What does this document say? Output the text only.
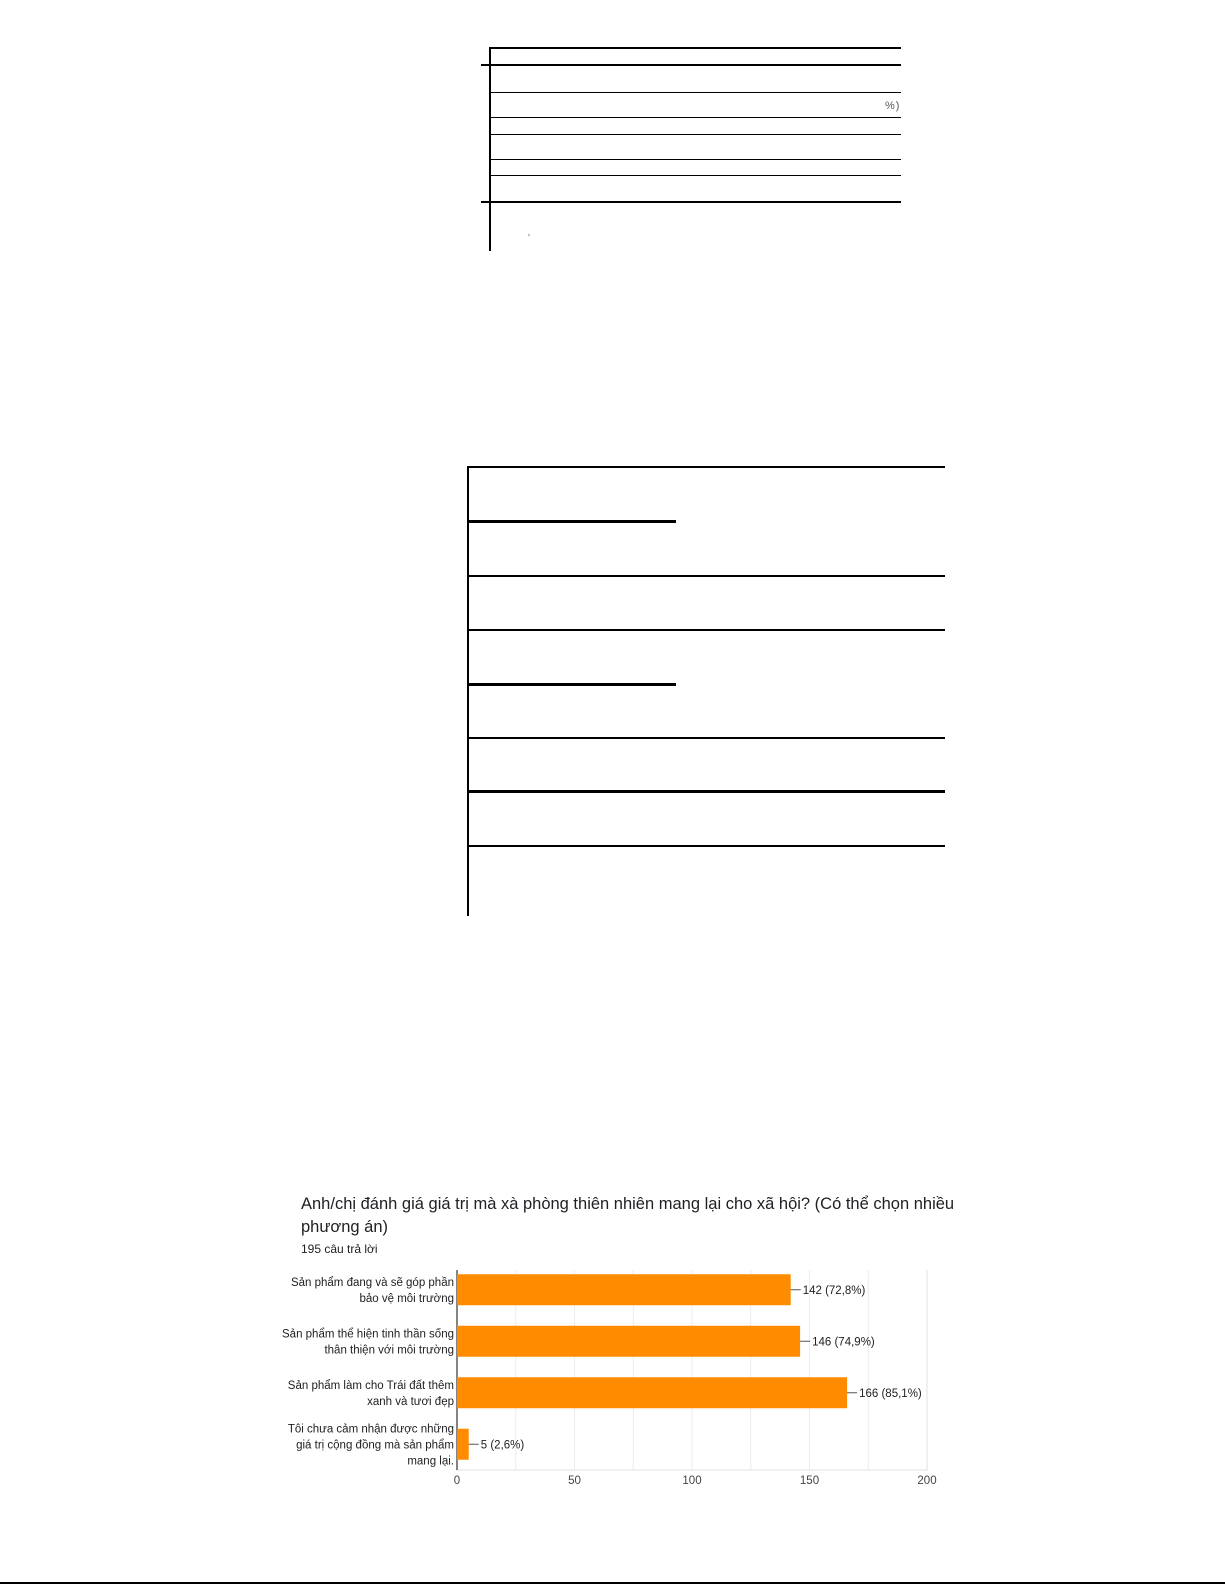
%)
'
Anh/chị đánh giá giá trị mà xà phòng thiên nhiên mang lại cho xã hội? (Có thể chọn nhiều phương án)
195 câu trả lời
142 (72,8%)
Sản phẩm đang và sẽ góp phần
bảo vệ môi trường
146 (74,9%)
Sản phẩm thể hiện tinh thần sống
thân thiện với môi trường
166 (85,1%)
Sản phẩm làm cho Trái đất thêm
xanh và tươi đẹp
5 (2,6%)
Tôi chưa cảm nhận được những
giá trị cộng đồng mà sản phẩm
mang lại.
0	50	100	150	200
